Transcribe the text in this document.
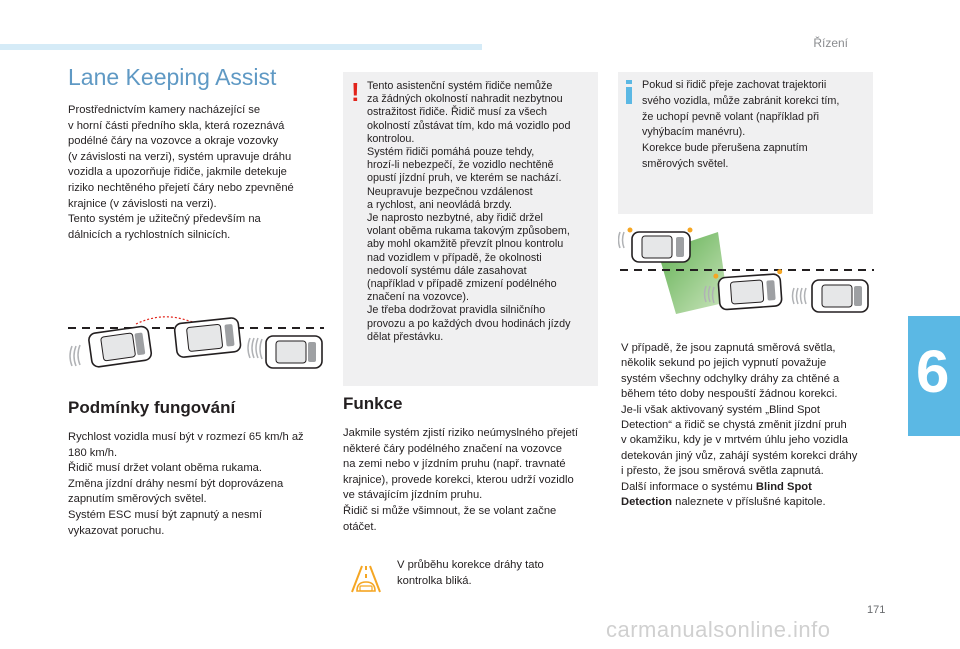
Řízení
Lane Keeping Assist

Prostřednictvím kamery nacházející se
v horní části předního skla, která rozeznává
podélné čáry na vozovce a okraje vozovky
(v závislosti na verzi), systém upravuje dráhu
vozidla a upozorňuje řidiče, jakmile detekuje
riziko nechtěného přejetí čáry nebo zpevněné
krajnice (v závislosti na verzi).
Tento systém je užitečný především na
dálnicích a rychlostních silnicích.

Podmínky fungování

Rychlost vozidla musí být v rozmezí 65 km/h až
180 km/h.
Řidič musí držet volant oběma rukama.
Změna jízdní dráhy nesmí být doprovázena
zapnutím směrových světel.
Systém ESC musí být zapnutý a nesmí
vykazovat poruchu.

! Tento asistenční systém řidiče nemůže
za žádných okolností nahradit nezbytnou
ostražitost řidiče. Řidič musí za všech
okolností zůstávat tím, kdo má vozidlo pod
kontrolou.
Systém řidiči pomáhá pouze tehdy,
hrozí-li nebezpečí, že vozidlo nechtěně
opustí jízdní pruh, ve kterém se nachází.
Neupravuje bezpečnou vzdálenost
a rychlost, ani neovládá brzdy.
Je naprosto nezbytné, aby řidič držel
volant oběma rukama takovým způsobem,
aby mohl okamžitě převzít plnou kontrolu
nad vozidlem v případě, že okolnosti
nedovolí systému dále zasahovat
(například v případě zmizení podélného
značení na vozovce).
Je třeba dodržovat pravidla silničního
provozu a po každých dvou hodinách jízdy
dělat přestávku.

Funkce

Jakmile systém zjistí riziko neúmyslného přejetí
některé čáry podélného značení na vozovce
na zemi nebo v jízdním pruhu (např. travnaté
krajnice), provede korekci, kterou udrží vozidlo
ve stávajícím jízdním pruhu.
Řidič si může všimnout, že se volant začne
otáčet.

V průběhu korekce dráhy tato
kontrolka bliká.

Pokud si řidič přeje zachovat trajektorii
svého vozidla, může zabránit korekci tím,
že uchopí pevně volant (například při
vyhýbacím manévru).
Korekce bude přerušena zapnutím
směrových světel.

V případě, že jsou zapnutá směrová světla,
několik sekund po jejich vypnutí považuje
systém všechny odchylky dráhy za chtěné a
během této doby nespouští žádnou korekci.
Je-li však aktivovaný systém „Blind Spot
Detection“ a řidič se chystá změnit jízdní pruh
v okamžiku, kdy je v mrtvém úhlu jeho vozidla
detekován jiný vůz, zahájí systém korekci dráhy
i přesto, že jsou směrová světla zapnutá.
Další informace o systému Blind Spot
Detection naleznete v příslušné kapitole.

6
171
carmanualsonline.info
